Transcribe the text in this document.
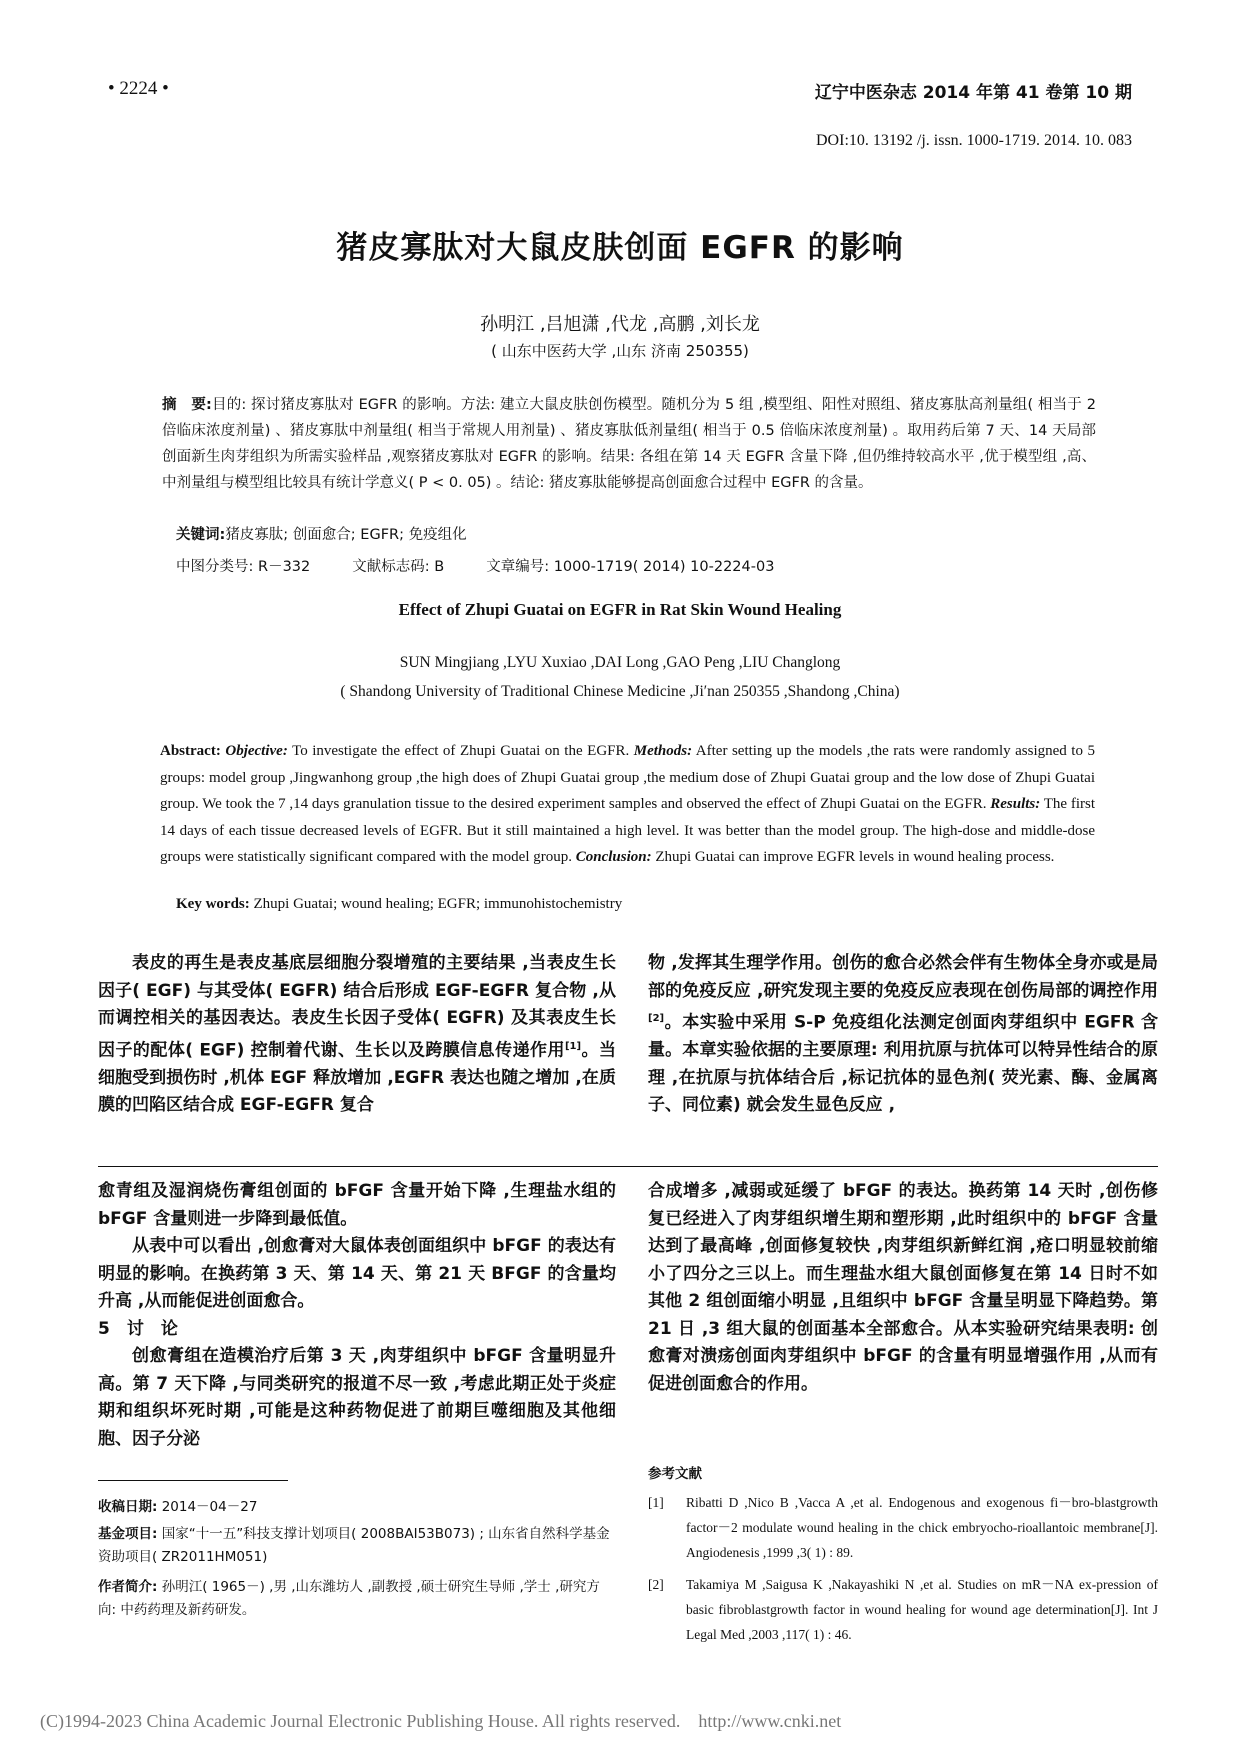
• 2224 •	辽宁中医杂志 2014 年第 41 卷第 10 期
DOI:10. 13192 /j. issn. 1000-1719. 2014. 10. 083
猪皮寡肽对大鼠皮肤创面 EGFR 的影响
孙明江 ,吕旭潇 ,代龙 ,高鹏 ,刘长龙
( 山东中医药大学 ,山东 济南 250355)
摘　要:目的: 探讨猪皮寡肽对 EGFR 的影响。方法: 建立大鼠皮肤创伤模型。随机分为 5 组 ,模型组、阳性对照组、猪皮寡肽高剂量组( 相当于 2 倍临床浓度剂量) 、猪皮寡肽中剂量组( 相当于常规人用剂量) 、猪皮寡肽低剂量组( 相当于 0.5 倍临床浓度剂量) 。取用药后第 7 天、14 天局部创面新生肉芽组织为所需实验样品 ,观察猪皮寡肽对 EGFR 的影响。结果: 各组在第 14 天 EGFR 含量下降 ,但仍维持较高水平 ,优于模型组 ,高、中剂量组与模型组比较具有统计学意义( P < 0. 05) 。结论: 猪皮寡肽能够提高创面愈合过程中 EGFR 的含量。
关键词:猪皮寡肽; 创面愈合; EGFR; 免疫组化
中图分类号: R－332	文献标志码: B	文章编号: 1000-1719( 2014) 10-2224-03
Effect of Zhupi Guatai on EGFR in Rat Skin Wound Healing
SUN Mingjiang ,LYU Xuxiao ,DAI Long ,GAO Peng ,LIU Changlong
( Shandong University of Traditional Chinese Medicine ,Ji′nan 250355 ,Shandong ,China)
Abstract: Objective: To investigate the effect of Zhupi Guatai on the EGFR. Methods: After setting up the models ,the rats were randomly assigned to 5 groups: model group ,Jingwanhong group ,the high does of Zhupi Guatai group ,the medium dose of Zhupi Guatai group and the low dose of Zhupi Guatai group. We took the 7 ,14 days granulation tissue to the desired experiment samples and observed the effect of Zhupi Guatai on the EGFR. Results: The first 14 days of each tissue decreased levels of EGFR. But it still maintained a high level. It was better than the model group. The high-dose and middle-dose groups were statistically significant compared with the model group. Conclusion: Zhupi Guatai can improve EGFR levels in wound healing process.
Key words: Zhupi Guatai; wound healing; EGFR; immunohistochemistry

表皮的再生是表皮基底层细胞分裂增殖的主要结果 ,当表皮生长因子( EGF) 与其受体( EGFR) 结合后形成 EGF-EGFR 复合物 ,从而调控相关的基因表达。表皮生长因子受体( EGFR) 及其表皮生长因子的配体( EGF) 控制着代谢、生长以及跨膜信息传递作用[1]。当细胞受到损伤时 ,机体 EGF 释放增加 ,EGFR 表达也随之增加 ,在质膜的凹陷区结合成 EGF-EGFR 复合

物 ,发挥其生理学作用。创伤的愈合必然会伴有生物体全身亦或是局部的免疫反应 ,研究发现主要的免疫反应表现在创伤局部的调控作用[2]。本实验中采用 S-P 免疫组化法测定创面肉芽组织中 EGFR 含量。本章实验依据的主要原理: 利用抗原与抗体可以特异性结合的原理 ,在抗原与抗体结合后 ,标记抗体的显色剂( 荧光素、酶、金属离子、同位素) 就会发生显色反应 ,

愈青组及湿润烧伤膏组创面的 bFGF 含量开始下降 ,生理盐水组的 bFGF 含量则进一步降到最低值。

从表中可以看出 ,创愈膏对大鼠体表创面组织中 bFGF 的表达有明显的影响。在换药第 3 天、第 14 天、第 21 天 BFGF 的含量均升高 ,从而能促进创面愈合。

5　讨　论

创愈膏组在造模治疗后第 3 天 ,肉芽组织中 bFGF 含量明显升高。第 7 天下降 ,与同类研究的报道不尽一致 ,考虑此期正处于炎症期和组织坏死时期 ,可能是这种药物促进了前期巨噬细胞及其他细胞、因子分泌

合成增多 ,减弱或延缓了 bFGF 的表达。换药第 14 天时 ,创伤修复已经进入了肉芽组织增生期和塑形期 ,此时组织中的 bFGF 含量达到了最高峰 ,创面修复较快 ,肉芽组织新鲜红润 ,疮口明显较前缩小了四分之三以上。而生理盐水组大鼠创面修复在第 14 日时不如其他 2 组创面缩小明显 ,且组织中 bFGF 含量呈明显下降趋势。第 21 日 ,3 组大鼠的创面基本全部愈合。从本实验研究结果表明: 创愈膏对溃疡创面肉芽组织中 bFGF 的含量有明显增强作用 ,从而有促进创面愈合的作用。

参考文献
[1] Ribatti D ,Nico B ,Vacca A ,et al. Endogenous and exogenous fi－bro-blastgrowth factor－2 modulate wound healing in the chick embryocho-rioallantoic membrane[J]. Angiodenesis ,1999 ,3( 1) : 89.
[2] Takamiya M ,Saigusa K ,Nakayashiki N ,et al. Studies on mR－NA ex-pression of basic fibroblastgrowth factor in wound healing for wound age determination[J]. Int J Legal Med ,2003 ,117( 1) : 46.
收稿日期: 2014－04－27
基金项目: 国家“十一五”科技支撑计划项目( 2008BAI53B073) ; 山东省自然科学基金资助项目( ZR2011HM051)
作者简介: 孙明江( 1965－) ,男 ,山东潍坊人 ,副教授 ,硕士研究生导师 ,学士 ,研究方向: 中药药理及新药研发。
(C)1994-2023 China Academic Journal Electronic Publishing House. All rights reserved. http://www.cnki.net
